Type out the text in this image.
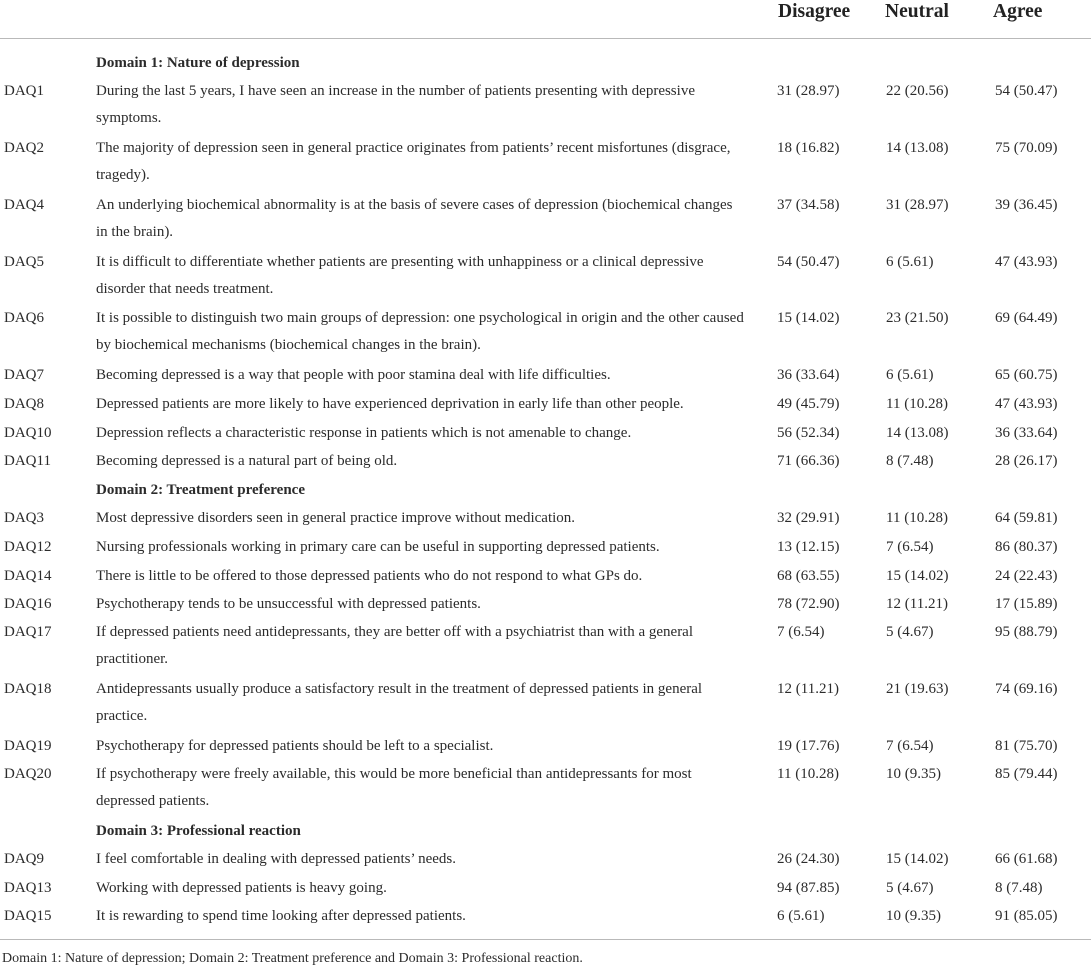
Disagree Neutral Agree
Domain 1: Nature of depression
DAQ1	During the last 5 years, I have seen an increase in the number of patients presenting with depressive symptoms.
31 (28.97)	22 (20.56)	54 (50.47)
DAQ2	The majority of depression seen in general practice originates from patients’ recent misfortunes (disgrace, tragedy).
18 (16.82)	14 (13.08)	75 (70.09)
DAQ4	An underlying biochemical abnormality is at the basis of severe cases of depression (biochemical changes in the brain).
37 (34.58)	31 (28.97)	39 (36.45)
DAQ5	It is difficult to differentiate whether patients are presenting with unhappiness or a clinical depressive disorder that needs treatment.
54 (50.47)	6 (5.61)	47 (43.93)
DAQ6	It is possible to distinguish two main groups of depression: one psychological in origin and the other caused by biochemical mechanisms (biochemical changes in the brain).
15 (14.02)	23 (21.50)	69 (64.49)
DAQ7	Becoming depressed is a way that people with poor stamina deal with life difficulties.	36 (33.64)	6 (5.61)	65 (60.75)
DAQ8	Depressed patients are more likely to have experienced deprivation in early life than other people.	49 (45.79)	11 (10.28)	47 (43.93)
DAQ10	Depression reflects a characteristic response in patients which is not amenable to change.	56 (52.34)	14 (13.08)	36 (33.64)
DAQ11	Becoming depressed is a natural part of being old.	71 (66.36)	8 (7.48)	28 (26.17)
Domain 2: Treatment preference
DAQ3	Most depressive disorders seen in general practice improve without medication.	32 (29.91)	11 (10.28)	64 (59.81)
DAQ12	Nursing professionals working in primary care can be useful in supporting depressed patients.	13 (12.15)	7 (6.54)	86 (80.37)
DAQ14	There is little to be offered to those depressed patients who do not respond to what GPs do.	68 (63.55)	15 (14.02)	24 (22.43)
DAQ16	Psychotherapy tends to be unsuccessful with depressed patients.	78 (72.90)	12 (11.21)	17 (15.89)
DAQ17	If depressed patients need antidepressants, they are better off with a psychiatrist than with a general practitioner.
7 (6.54)	5 (4.67)	95 (88.79)
DAQ18	Antidepressants usually produce a satisfactory result in the treatment of depressed patients in general practice.
12 (11.21)	21 (19.63)	74 (69.16)
DAQ19	Psychotherapy for depressed patients should be left to a specialist.	19 (17.76)	7 (6.54)	81 (75.70)
DAQ20	If psychotherapy were freely available, this would be more beneficial than antidepressants for most depressed patients.
11 (10.28)	10 (9.35)	85 (79.44)
Domain 3: Professional reaction
DAQ9	I feel comfortable in dealing with depressed patients’ needs.	26 (24.30)	15 (14.02)	66 (61.68)
DAQ13	Working with depressed patients is heavy going.	94 (87.85)	5 (4.67)	8 (7.48)
DAQ15	It is rewarding to spend time looking after depressed patients.	6 (5.61)	10 (9.35)	91 (85.05)
Domain 1: Nature of depression; Domain 2: Treatment preference and Domain 3: Professional reaction.
